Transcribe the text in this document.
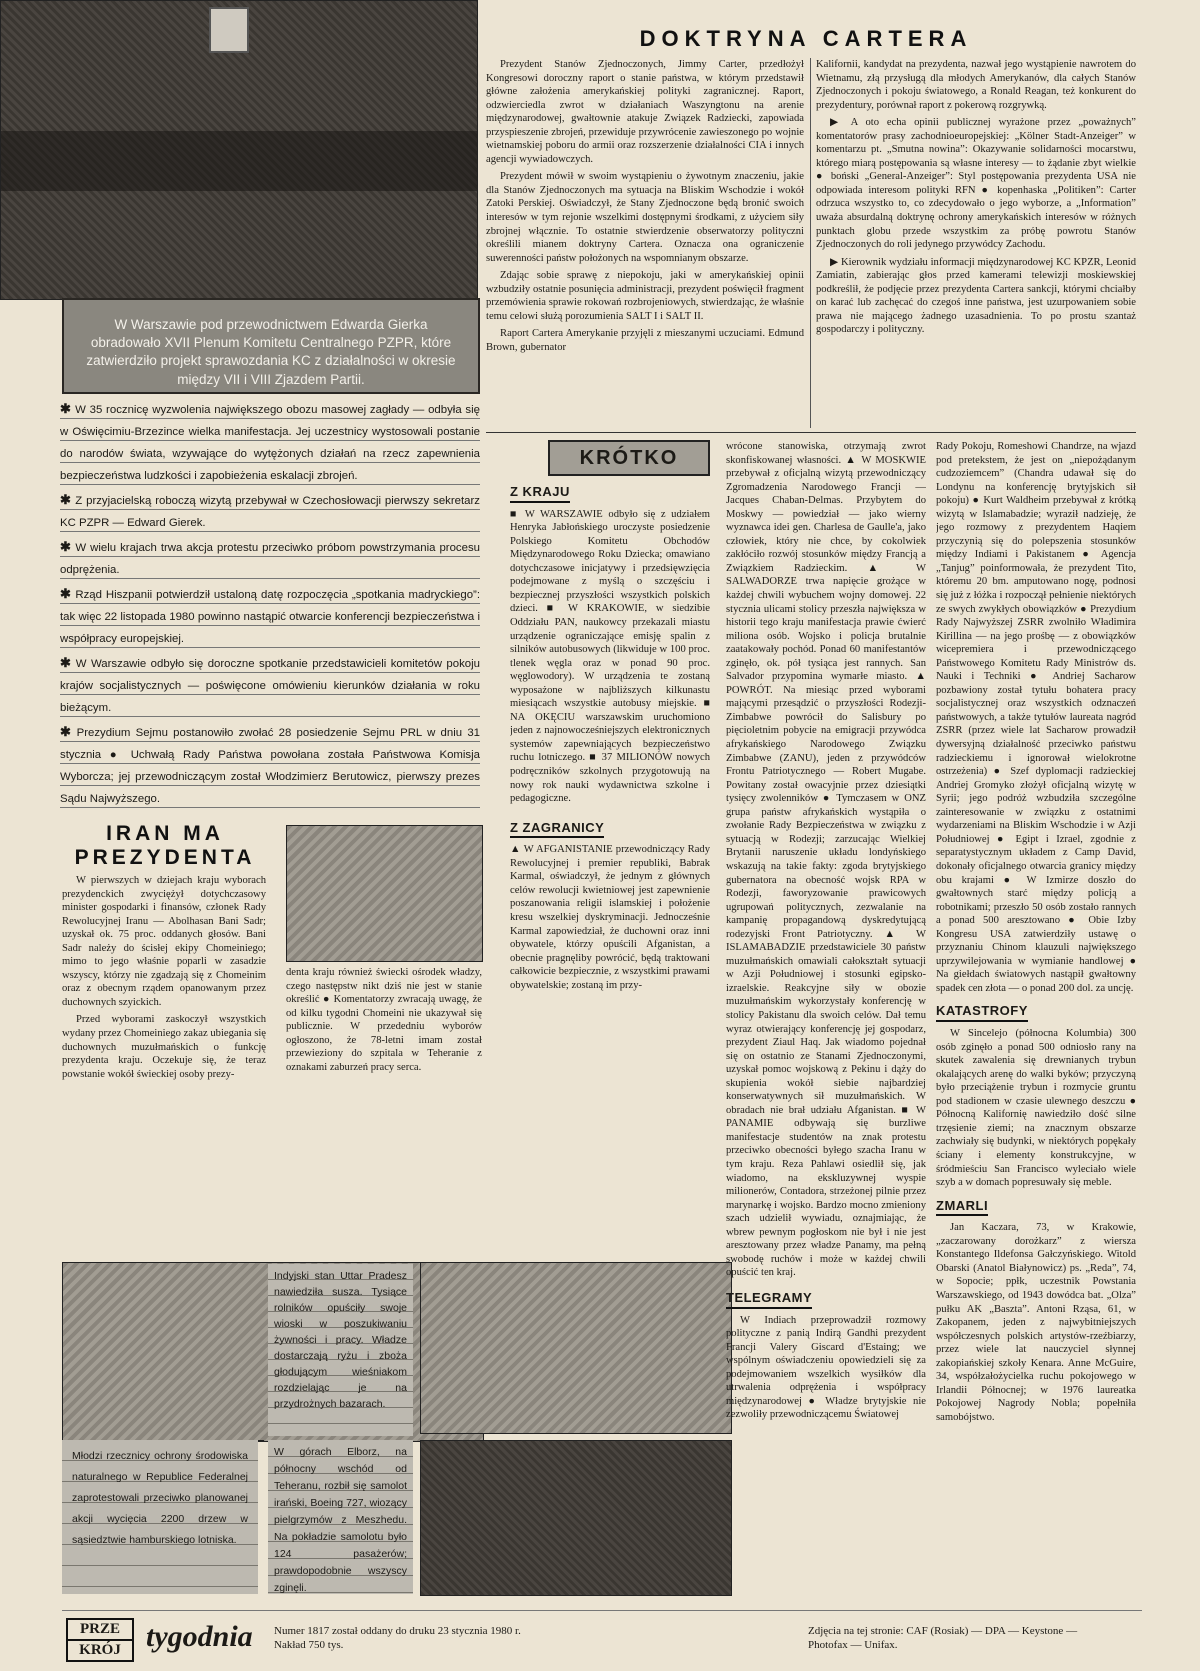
W Warszawie pod przewodnictwem Edwarda Gierka obradowało XVII Plenum Komitetu Centralnego PZPR, które zatwierdziło projekt sprawozdania KC z działalności w okresie między VII i VIII Zjazdem Partii.
✱ W 35 rocznicę wyzwolenia największego obozu masowej zagłady — odbyła się w Oświęcimiu-Brzezince wielka manifestacja. Jej uczestnicy wystosowali postanie do narodów świata, wzywające do wytężonych działań na rzecz zapewnienia bezpieczeństwa ludzkości i zapobieżenia eskalacji zbrojeń.
✱ Z przyjacielską roboczą wizytą przebywał w Czechosłowacji pierwszy sekretarz KC PZPR — Edward Gierek.
✱ W wielu krajach trwa akcja protestu przeciwko próbom powstrzymania procesu odprężenia.
✱ Rząd Hiszpanii potwierdził ustaloną datę rozpoczęcia „spotkania madryckiego”: tak więc 22 listopada 1980 powinno nastąpić otwarcie konferencji bezpieczeństwa i współpracy europejskiej.
✱ W Warszawie odbyło się doroczne spotkanie przedstawicieli komitetów pokoju krajów socjalistycznych — poświęcone omówieniu kierunków działania w roku bieżącym.
✱ Prezydium Sejmu postanowiło zwołać 28 posiedzenie Sejmu PRL w dniu 31 stycznia ● Uchwałą Rady Państwa powołana została Państwowa Komisja Wyborcza; jej przewodniczącym został Włodzimierz Berutowicz, pierwszy prezes Sądu Najwyższego.
IRAN MA
PREZYDENTA

W pierwszych w dziejach kraju wyborach prezydenckich zwyciężył dotychczasowy minister gospodarki i finansów, członek Rady Rewolucyjnej Iranu — Abolhasan Bani Sadr; uzyskał ok. 75 proc. oddanych głosów. Bani Sadr należy do ścisłej ekipy Chomeiniego; mimo to jego właśnie poparli w zasadzie wszyscy, którzy nie zgadzają się z Chomeinim oraz z obecnym rządem opanowanym przez duchownych szyickich.

Przed wyborami zaskoczył wszystkich wydany przez Chomeiniego zakaz ubiegania się duchownych muzułmańskich o funkcję prezydenta kraju. Oczekuje się, że teraz powstanie wokół świeckiej osoby prezy-

denta kraju również świecki ośrodek władzy, czego następstw nikt dziś nie jest w stanie określić ● Komentatorzy zwracają uwagę, że od kilku tygodni Chomeini nie ukazywał się publicznie. W przededniu wyborów ogłoszono, że 78-letni imam został przewieziony do szpitala w Teheranie z oznakami zaburzeń pracy serca.

Indyjski stan Uttar Pradesz nawiedziła susza. Tysiące rolników opuściły swoje wioski w poszukiwaniu żywności i pracy. Władze dostarczają ryżu i zboża głodującym wieśniakom rozdzielając je na przydrożnych bazarach.
Młodzi rzecznicy ochrony środowiska naturalnego w Republice Federalnej zaprotestowali przeciwko planowanej akcji wycięcia 2200 drzew w sąsiedztwie hamburskiego lotniska.
W górach Elborz, na północny wschód od Teheranu, rozbił się samolot irański, Boeing 727, wiozący pielgrzymów z Meszhedu. Na pokładzie samolotu było 124 pasażerów; prawdopodobnie wszyscy zginęli.
DOKTRYNA CARTERA

Prezydent Stanów Zjednoczonych, Jimmy Carter, przedłożył Kongresowi doroczny raport o stanie państwa, w którym przedstawił główne założenia amerykańskiej polityki zagranicznej. Raport, odzwierciedla zwrot w działaniach Waszyngtonu na arenie międzynarodowej, gwałtownie atakuje Związek Radziecki, zapowiada przyspieszenie zbrojeń, przewiduje przywrócenie zawieszonego po wojnie wietnamskiej poboru do armii oraz rozszerzenie działalności CIA i innych agencji wywiadowczych.

Prezydent mówił w swoim wystąpieniu o żywotnym znaczeniu, jakie dla Stanów Zjednoczonych ma sytuacja na Bliskim Wschodzie i wokół Zatoki Perskiej. Oświadczył, że Stany Zjednoczone będą bronić swoich interesów w tym rejonie wszelkimi dostępnymi środkami, z użyciem siły zbrojnej włącznie. To ostatnie stwierdzenie obserwatorzy polityczni określili mianem doktryny Cartera. Oznacza ona ograniczenie suwerenności państw położonych na wspomnianym obszarze.

Zdając sobie sprawę z niepokoju, jaki w amerykańskiej opinii wzbudziły ostatnie posunięcia administracji, prezydent poświęcił fragment przemówienia sprawie rokowań rozbrojeniowych, stwierdzając, że właśnie temu celowi służą porozumienia SALT I i SALT II.

Raport Cartera Amerykanie przyjęli z mieszanymi uczuciami. Edmund Brown, gubernator

Kalifornii, kandydat na prezydenta, nazwał jego wystąpienie nawrotem do Wietnamu, złą przysługą dla młodych Amerykanów, dla całych Stanów Zjednoczonych i pokoju światowego, a Ronald Reagan, też konkurent do prezydentury, porównał raport z pokerową rozgrywką.

▶ A oto echa opinii publicznej wyrażone przez „poważnych” komentatorów prasy zachodnioeuropejskiej: „Kölner Stadt-Anzeiger” w komentarzu pt. „Smutna nowina”: Okazywanie solidarności mocarstwu, którego miarą postępowania są własne interesy — to żądanie zbyt wielkie ● boński „General-Anzeiger”: Styl postępowania prezydenta USA nie odpowiada interesom polityki RFN ● kopenhaska „Politiken”: Carter odrzuca wszystko to, co zdecydowało o jego wyborze, a „Information” uważa absurdalną doktrynę ochrony amerykańskich interesów w różnych punktach globu przede wszystkim za próbę powrotu Stanów Zjednoczonych do roli jedynego przywódcy Zachodu.

▶ Kierownik wydziału informacji międzynarodowej KC KPZR, Leonid Zamiatin, zabierając głos przed kamerami telewizji moskiewskiej podkreślił, że podjęcie przez prezydenta Cartera sankcji, którymi chciałby on karać lub zachęcać do czegoś inne państwa, jest uzurpowaniem sobie prawa nie mającego żadnego uzasadnienia. To po prostu szantaż gospodarczy i polityczny.

KRÓTKO
Z KRAJU

■ W WARSZAWIE odbyło się z udziałem Henryka Jabłońskiego uroczyste posiedzenie Polskiego Komitetu Obchodów Międzynarodowego Roku Dziecka; omawiano dotychczasowe inicjatywy i przedsięwzięcia podejmowane z myślą o szczęściu i bezpiecznej przyszłości wszystkich polskich dzieci. ■ W KRAKOWIE, w siedzibie Oddziału PAN, naukowcy przekazali miastu urządzenie ograniczające emisję spalin z silników autobusowych (likwiduje w 100 proc. tlenek węgla oraz w ponad 90 proc. węglowodory). W urządzenia te zostaną wyposażone w najbliższych kilkunastu miesiącach wszystkie autobusy miejskie. ■ NA OKĘCIU warszawskim uruchomiono jeden z najnowocześniejszych elektronicznych systemów zapewniających bezpieczeństwo ruchu lotniczego. ■ 37 MILIONÓW nowych podręczników szkolnych przygotowują na nowy rok nauki wydawnictwa szkolne i pedagogiczne.

Z ZAGRANICY

▲ W AFGANISTANIE przewodniczący Rady Rewolucyjnej i premier republiki, Babrak Karmal, oświadczył, że jednym z głównych celów rewolucji kwietniowej jest zapewnienie poszanowania religii islamskiej i położenie kresu wszelkiej dyskryminacji. Jednocześnie Karmal zapowiedział, że duchowni oraz inni obywatele, którzy opuścili Afganistan, a obecnie pragnęliby powrócić, będą traktowani całkowicie bezpiecznie, z wszystkimi prawami obywatelskie; zostaną im przy-

wrócone stanowiska, otrzymają zwrot skonfiskowanej własności. ▲ W MOSKWIE przebywał z oficjalną wizytą przewodniczący Zgromadzenia Narodowego Francji — Jacques Chaban-Delmas. Przybytem do Moskwy — powiedział — jako wierny wyznawca idei gen. Charlesa de Gaulle'a, jako człowiek, który nie chce, by cokolwiek zakłóciło rozwój stosunków między Francją a Związkiem Radzieckim. ▲ W SALWADORZE trwa napięcie grożące w każdej chwili wybuchem wojny domowej. 22 stycznia ulicami stolicy przeszła największa w historii tego kraju manifestacja prawie ćwierć miliona osób. Wojsko i policja brutalnie zaatakowały pochód. Ponad 60 manifestantów zginęło, ok. pół tysiąca jest rannych. San Salvador przypomina wymarłe miasto. ▲ POWRÓT. Na miesiąc przed wyborami mającymi przesądzić o przyszłości Rodezji-Zimbabwe powrócił do Salisbury po pięcioletnim pobycie na emigracji przywódca afrykańskiego Narodowego Związku Zimbabwe (ZANU), jeden z przywódców Frontu Patriotycznego — Robert Mugabe. Powitany został owacyjnie przez dziesiątki tysięcy zwolenników ● Tymczasem w ONZ grupa państw afrykańskich wystąpiła o zwołanie Rady Bezpieczeństwa w związku z sytuacją w Rodezji; zarzucając Wielkiej Brytanii naruszenie układu londyńskiego wskazują na takie fakty: zgoda brytyjskiego gubernatora na obecność wojsk RPA w Rodezji, faworyzowanie prawicowych ugrupowań politycznych, zezwalanie na kampanię propagandową dyskredytującą rodezyjski Front Patriotyczny. ▲ W ISLAMABADZIE przedstawiciele 30 państw muzułmańskich omawiali całokształt sytuacji w Azji Południowej i stosunki egipsko-izraelskie. Reakcyjne siły w obozie muzułmańskim wykorzystały konferencję w stolicy Pakistanu dla swoich celów. Dał temu wyraz otwierający konferencję jej gospodarz, prezydent Ziaul Haq. Jak wiadomo pojednał się on ostatnio ze Stanami Zjednoczonymi, uzyskał pomoc wojskową z Pekinu i dąży do skupienia wokół siebie najbardziej konserwatywnych sił muzułmańskich. W obradach nie brał udziału Afganistan. ■ W PANAMIE odbywają się burzliwe manifestacje studentów na znak protestu przeciwko obecności byłego szacha Iranu w tym kraju. Reza Pahlawi osiedlił się, jak wiadomo, na ekskluzywnej wyspie milionerów, Contadora, strzeżonej pilnie przez marynarkę i wojsko. Bardzo mocno zmieniony szach udzielił wywiadu, oznajmiając, że wbrew pewnym pogłoskom nie był i nie jest aresztowany przez władze Panamy, ma pełną swobodę ruchów i może w każdej chwili opuścić ten kraj.

TELEGRAMY

W Indiach przeprowadził rozmowy polityczne z panią Indirą Gandhi prezydent Francji Valery Giscard d'Estaing; we wspólnym oświadczeniu opowiedzieli się za podejmowaniem wszelkich wysiłków dla utrwalenia odprężenia i współpracy międzynarodowej ● Władze brytyjskie nie zezwoliły przewodniczącemu Światowej

Rady Pokoju, Romeshowi Chandrze, na wjazd pod pretekstem, że jest on „niepożądanym cudzoziemcem” (Chandra udawał się do Londynu na konferencję brytyjskich sił pokoju) ● Kurt Waldheim przebywał z krótką wizytą w Islamabadzie; wyraził nadzieję, że jego rozmowy z prezydentem Haqiem przyczynią się do polepszenia stosunków między Indiami i Pakistanem ● Agencja „Tanjug” poinformowała, że prezydent Tito, któremu 20 bm. amputowano nogę, podnosi się już z łóżka i rozpoczął pełnienie niektórych ze swych zwykłych obowiązków ● Prezydium Rady Najwyższej ZSRR zwolniło Władimira Kirillina — na jego prośbę — z obowiązków wicepremiera i przewodniczącego Państwowego Komitetu Rady Ministrów ds. Nauki i Techniki ● Andriej Sacharow pozbawiony został tytułu bohatera pracy socjalistycznej oraz wszystkich odznaczeń państwowych, a także tytułów laureata nagród ZSRR (przez wiele lat Sacharow prowadził dywersyjną działalność przeciwko państwu radzieckiemu i ignorował wielokrotne ostrzeżenia) ● Szef dyplomacji radzieckiej Andriej Gromyko złożył oficjalną wizytę w Syrii; jego podróż wzbudziła szczególne zainteresowanie w związku z ostatnimi wydarzeniami na Bliskim Wschodzie i w Azji Południowej ● Egipt i Izrael, zgodnie z separatystycznym układem z Camp David, dokonały oficjalnego otwarcia granicy między obu krajami ● W Izmirze doszło do gwałtownych starć między policją a robotnikami; przeszło 50 osób zostało rannych a ponad 500 aresztowano ● Obie Izby Kongresu USA zatwierdziły ustawę o przyznaniu Chinom klauzuli największego uprzywilejowania w wymianie handlowej ● Na giełdach światowych nastąpił gwałtowny spadek cen złota — o ponad 200 dol. za uncję.

KATASTROFY

W Sincelejo (północna Kolumbia) 300 osób zginęło a ponad 500 odniosło rany na skutek zawalenia się drewnianych trybun okalających arenę do walki byków; przyczyną było przeciążenie trybun i rozmycie gruntu pod stadionem w czasie ulewnego deszczu ● Północną Kalifornię nawiedziło dość silne trzęsienie ziemi; na znacznym obszarze zachwiały się budynki, w niektórych popękały ściany i elementy konstrukcyjne, w śródmieściu San Francisco wyleciało wiele szyb a w domach popresuwały się meble.

ZMARLI

Jan Kaczara, 73, w Krakowie, „zaczarowany dorożkarz” z wiersza Konstantego Ildefonsa Gałczyńskiego. Witold Obarski (Anatol Białynowicz) ps. „Reda”, 74, w Sopocie; ppłk, uczestnik Powstania Warszawskiego, od 1943 dowódca bat. „Olza” pułku AK „Baszta”. Antoni Rząsa, 61, w Zakopanem, jeden z najwybitniejszych współczesnych polskich artystów-rzeźbiarzy, przez wiele lat nauczyciel słynnej zakopiańskiej szkoły Kenara. Anne McGuire, 34, współzałożycielka ruchu pokojowego w Irlandii Północnej; w 1976 laureatka Pokojowej Nagrody Nobla; popełniła samobójstwo.

PRZE
KRÓJ tygodnia Numer 1817 został oddany do druku 23 stycznia 1980 r. Nakład 750 tys.
Zdjęcia na tej stronie: CAF (Rosiak) — DPA — Keystone — Photofax — Unifax.
